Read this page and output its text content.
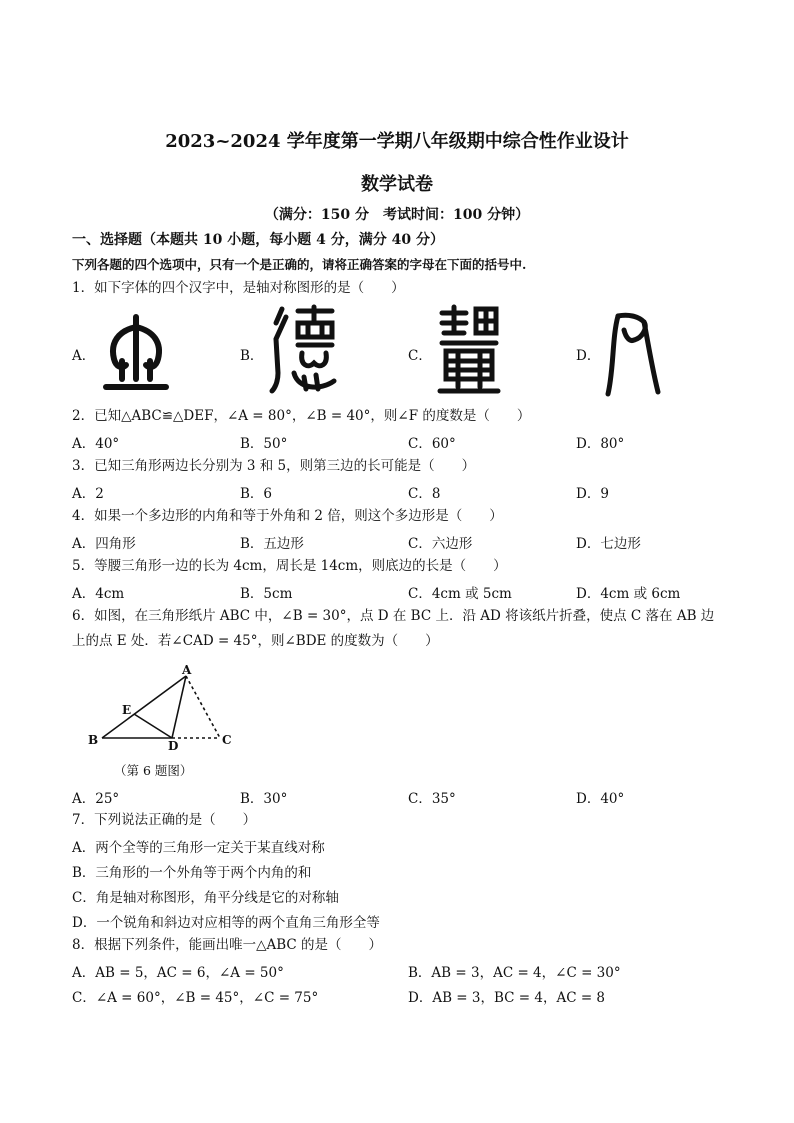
2023~2024 学年度第一学期八年级期中综合性作业设计
数学试卷
（满分：150 分　考试时间：100 分钟）
一、选择题（本题共 10 小题，每小题 4 分，满分 40 分）
下列各题的四个选项中，只有一个是正确的，请将正确答案的字母在下面的括号中.
1．如下字体的四个汉字中，是轴对称图形的是（　　）
A．	B．	C．	D．
2．已知△ABC≌△DEF，∠A = 80°，∠B = 40°，则∠F 的度数是（　　）
A．40°	B．50°	C．60°	D．80°
3．已知三角形两边长分别为 3 和 5，则第三边的长可能是（　　）
A．2	B．6	C．8	D．9
4．如果一个多边形的内角和等于外角和 2 倍，则这个多边形是（　　）
A．四角形	B．五边形	C．六边形	D．七边形
5．等腰三角形一边的长为 4cm，周长是 14cm，则底边的长是（　　）
A．4cm	B．5cm	C．4cm 或 5cm	D．4cm 或 6cm
6．如图，在三角形纸片 ABC 中，∠B = 30°，点 D 在 BC 上．沿 AD 将该纸片折叠，使点 C 落在 AB 边
上的点 E 处．若∠CAD = 45°，则∠BDE 的度数为（　　）
A
E
B	D	C
（第 6 题图）
A．25°	B．30°	C．35°	D．40°
7．下列说法正确的是（　　）
A．两个全等的三角形一定关于某直线对称
B．三角形的一个外角等于两个内角的和
C．角是轴对称图形，角平分线是它的对称轴
D．一个锐角和斜边对应相等的两个直角三角形全等
8．根据下列条件，能画出唯一△ABC 的是（　　）
A．AB = 5，AC = 6，∠A = 50°	B．AB = 3，AC = 4，∠C = 30°
C．∠A = 60°，∠B = 45°，∠C = 75°	D．AB = 3，BC = 4，AC = 8
